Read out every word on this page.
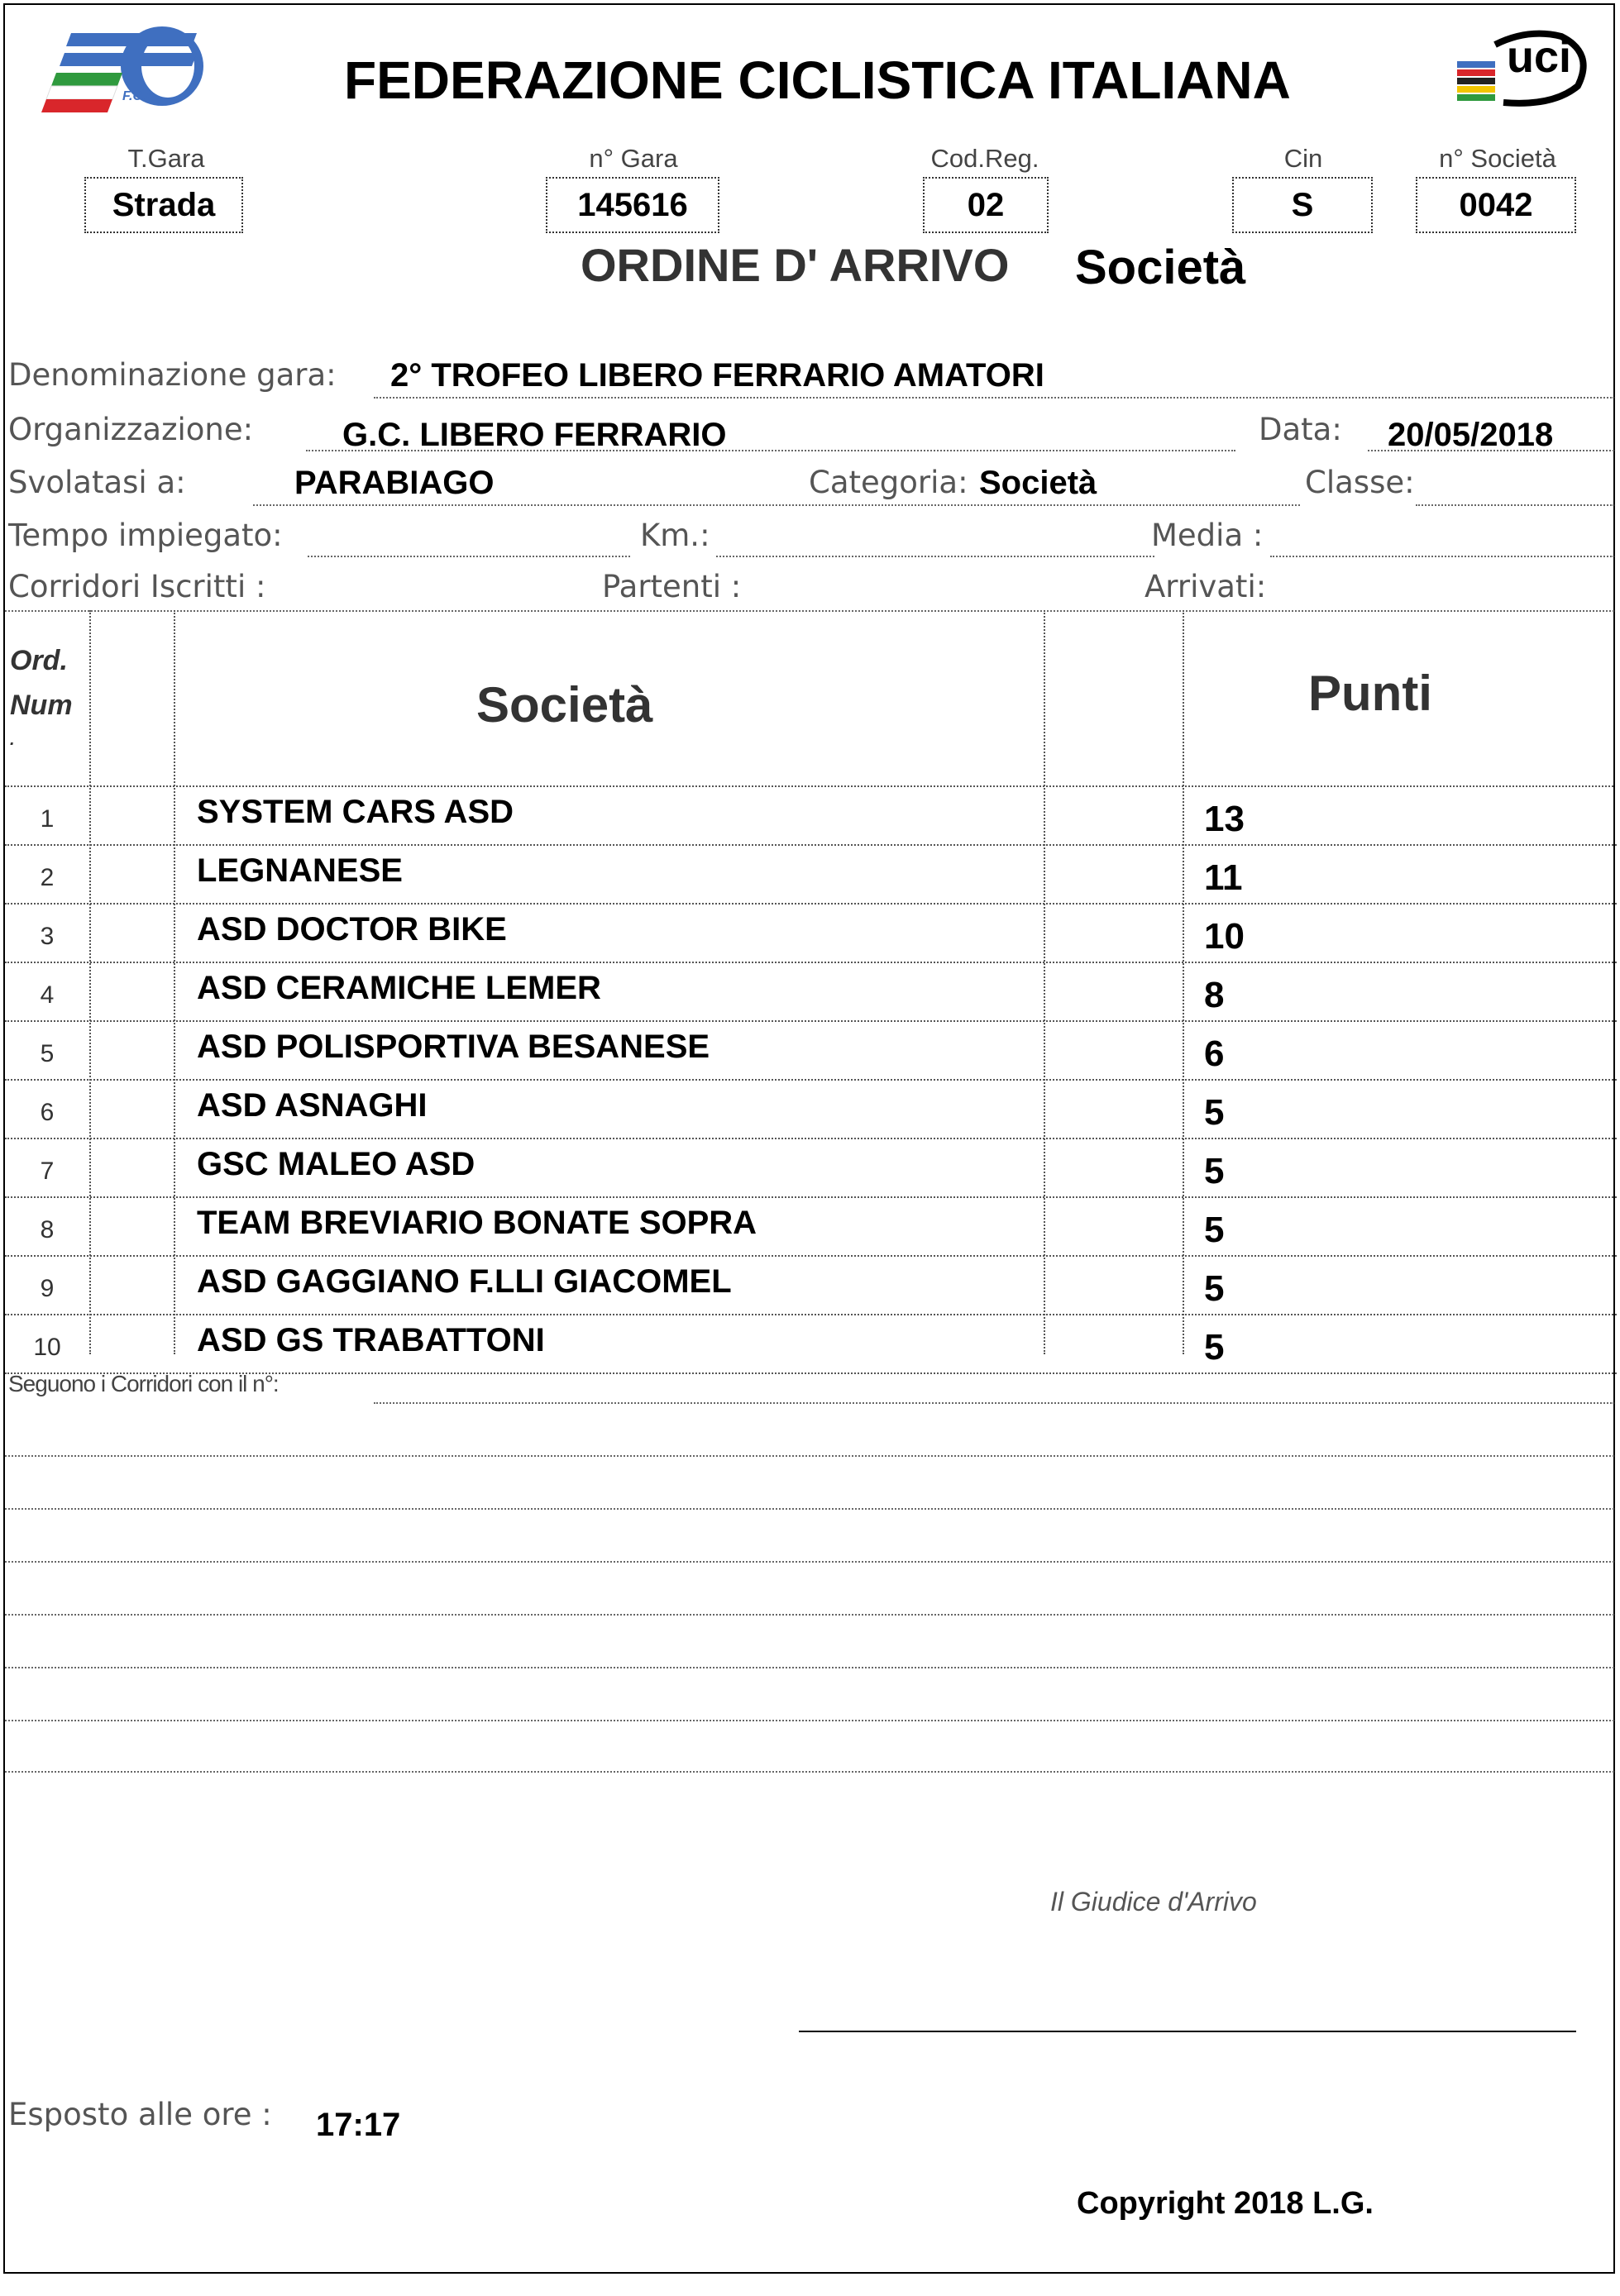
F.C.I.	FEDERAZIONE CICLISTICA ITALIANA	uci
T.Gara
Strada
n° Gara
145616
Cod.Reg.
02
Cin
S
n° Società
0042
ORDINE D' ARRIVO Società
Denominazione gara: 2° TROFEO LIBERO FERRARIO AMATORI
Organizzazione:	G.C. LIBERO FERRARIO	Data: 20/05/2018
Svolatasi a:	PARABIAGO	Categoria: Società	Classe:
Tempo impiegato:	Km.:	Media :
Corridori Iscritti :	Partenti :	Arrivati:
Ord.
Num
.
Società	Punti
1	SYSTEM CARS ASD	13
2	LEGNANESE	11
3	ASD DOCTOR BIKE	10
4	ASD CERAMICHE LEMER	8
5	ASD POLISPORTIVA BESANESE	6
6	ASD ASNAGHI	5
7	GSC MALEO ASD	5
8	TEAM BREVIARIO BONATE SOPRA	5
9	ASD GAGGIANO F.LLI GIACOMEL	5
10	ASD GS TRABATTONI	5
Seguono i Corridori con il n°:
Il Giudice d'Arrivo
Esposto alle ore : 17:17
Copyright 2018 L.G.
